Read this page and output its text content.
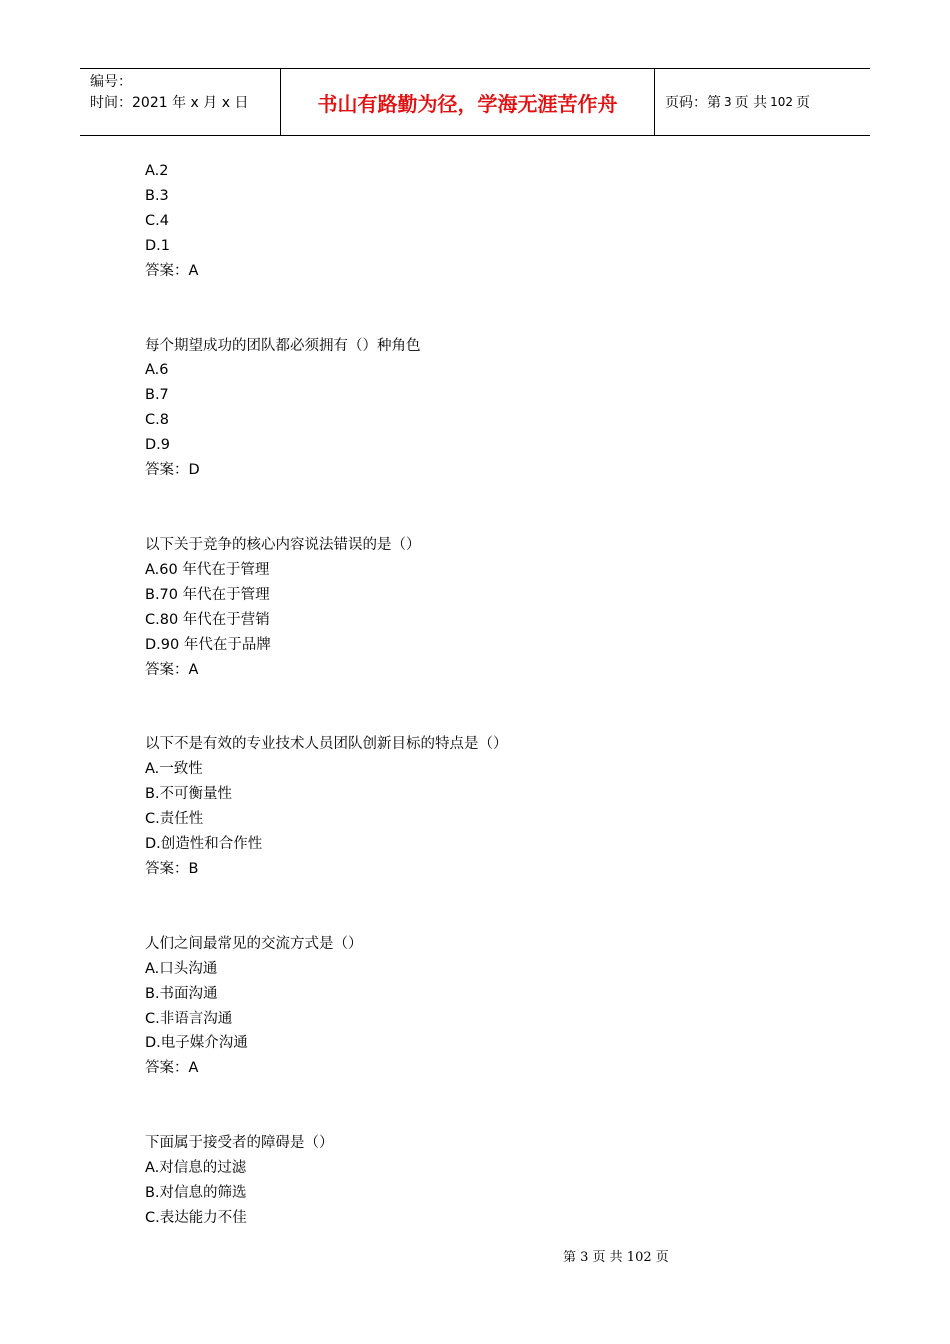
编号：
时间：2021 年 x 月 x 日	书山有路勤为径，学海无涯苦作舟	页码：第 3 页 共 102 页
A.2
B.3
C.4
D.1
答案：A
每个期望成功的团队都必须拥有（）种角色
A.6
B.7
C.8
D.9
答案：D
以下关于竞争的核心内容说法错误的是（）
A.60 年代在于管理
B.70 年代在于管理
C.80 年代在于营销
D.90 年代在于品牌
答案：A
以下不是有效的专业技术人员团队创新目标的特点是（）
A.一致性
B.不可衡量性
C.责任性
D.创造性和合作性
答案：B
人们之间最常见的交流方式是（）
A.口头沟通
B.书面沟通
C.非语言沟通
D.电子媒介沟通
答案：A
下面属于接受者的障碍是（）
A.对信息的过滤
B.对信息的筛选
C.表达能力不佳
第 3 页 共 102 页
